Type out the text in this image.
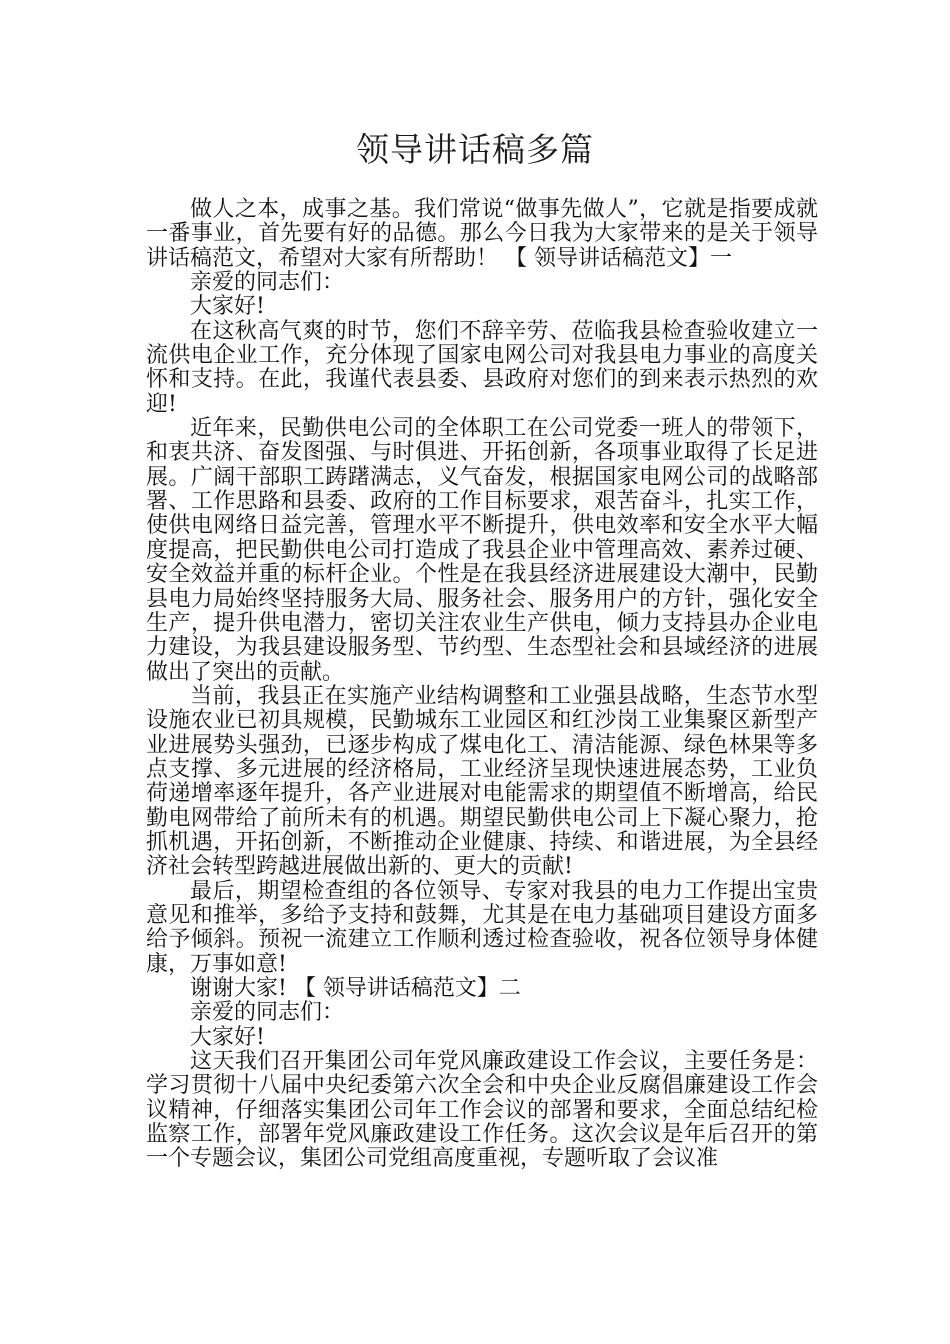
领导讲话稿多篇

做人之本，成事之基。我们常说“做事先做人”，它就是指要成就一番事业，首先要有好的品德。那么今日我为大家带来的是关于领导讲话稿范文，希望对大家有所帮助！ 【 领导讲话稿范文】一

亲爱的同志们：

大家好!

在这秋高气爽的时节，您们不辞辛劳、莅临我县检查验收建立一流供电企业工作，充分体现了国家电网公司对我县电力事业的高度关怀和支持。在此，我谨代表县委、县政府对您们的到来表示热烈的欢迎!

近年来，民勤供电公司的全体职工在公司党委一班人的带领下，和衷共济、奋发图强、与时俱进、开拓创新，各项事业取得了长足进展。广阔干部职工踌躇满志，义气奋发，根据国家电网公司的战略部署、工作思路和县委、政府的工作目标要求，艰苦奋斗，扎实工作，使供电网络日益完善，管理水平不断提升，供电效率和安全水平大幅度提高，把民勤供电公司打造成了我县企业中管理高效、素养过硬、安全效益并重的标杆企业。个性是在我县经济进展建设大潮中，民勤县电力局始终坚持服务大局、服务社会、服务用户的方针，强化安全生产，提升供电潜力，密切关注农业生产供电，倾力支持县办企业电力建设，为我县建设服务型、节约型、生态型社会和县域经济的进展做出了突出的贡献。

当前，我县正在实施产业结构调整和工业强县战略，生态节水型设施农业已初具规模，民勤城东工业园区和红沙岗工业集聚区新型产业进展势头强劲，已逐步构成了煤电化工、清洁能源、绿色林果等多点支撑、多元进展的经济格局，工业经济呈现快速进展态势，工业负荷递增率逐年提升，各产业进展对电能需求的期望值不断增高，给民勤电网带给了前所未有的机遇。期望民勤供电公司上下凝心聚力，抢抓机遇，开拓创新，不断推动企业健康、持续、和谐进展，为全县经济社会转型跨越进展做出新的、更大的贡献!

最后，期望检查组的各位领导、专家对我县的电力工作提出宝贵意见和推举，多给予支持和鼓舞，尤其是在电力基础项目建设方面多给予倾斜。预祝一流建立工作顺利透过检查验收，祝各位领导身体健康，万事如意!

谢谢大家! 【 领导讲话稿范文】二

亲爱的同志们：

大家好!

这天我们召开集团公司年党风廉政建设工作会议，主要任务是：学习贯彻十八届中央纪委第六次全会和中央企业反腐倡廉建设工作会议精神，仔细落实集团公司年工作会议的部署和要求，全面总结纪检监察工作，部署年党风廉政建设工作任务。这次会议是年后召开的第一个专题会议，集团公司党组高度重视，专题听取了会议准
